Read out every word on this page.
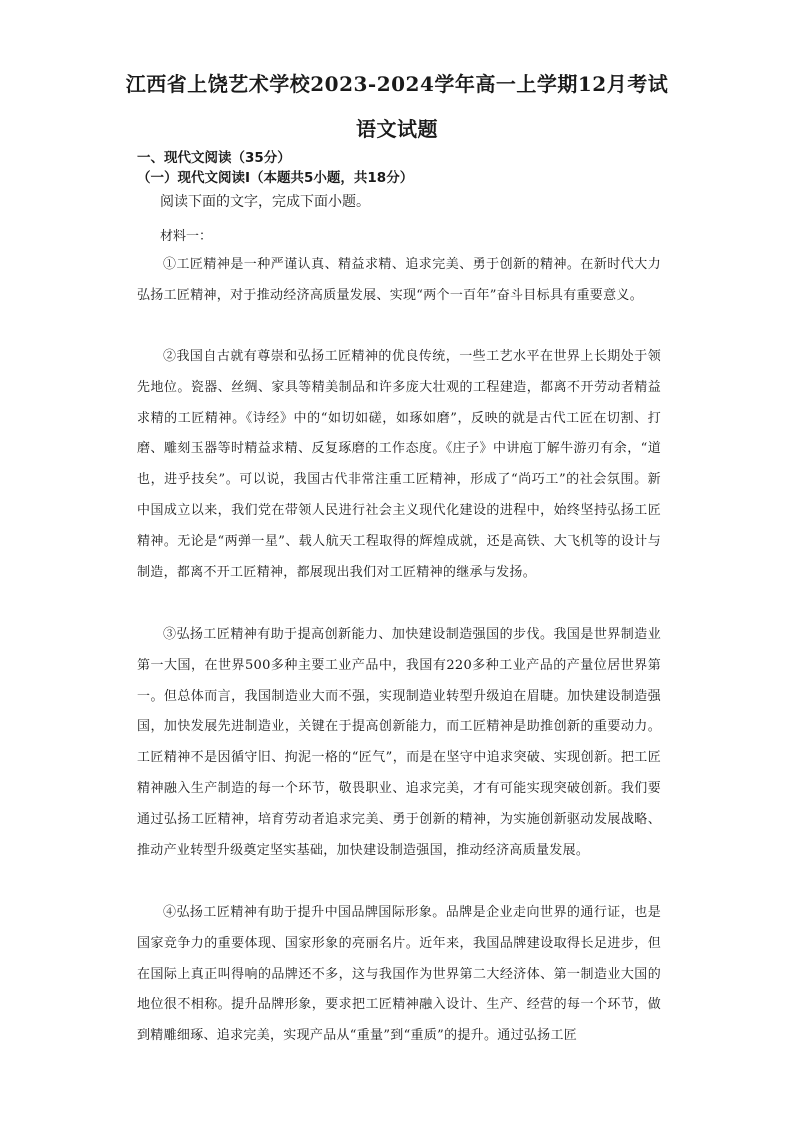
江西省上饶艺术学校2023-2024学年高一上学期12月考试
语文试题
一、现代文阅读（35分）
（一）现代文阅读Ⅰ（本题共5小题，共18分）
阅读下面的文字，完成下面小题。
材料一：

①工匠精神是一种严谨认真、精益求精、追求完美、勇于创新的精神。在新时代大力弘扬工匠精神，对于推动经济高质量发展、实现“两个一百年”奋斗目标具有重要意义。

②我国自古就有尊崇和弘扬工匠精神的优良传统，一些工艺水平在世界上长期处于领先地位。瓷器、丝绸、家具等精美制品和许多庞大壮观的工程建造，都离不开劳动者精益求精的工匠精神。《诗经》中的“如切如磋，如琢如磨”，反映的就是古代工匠在切割、打磨、雕刻玉器等时精益求精、反复琢磨的工作态度。《庄子》中讲庖丁解牛游刃有余，“道也，进乎技矣”。可以说，我国古代非常注重工匠精神，形成了“尚巧工”的社会氛围。新中国成立以来，我们党在带领人民进行社会主义现代化建设的进程中，始终坚持弘扬工匠精神。无论是“两弹一星”、载人航天工程取得的辉煌成就，还是高铁、大飞机等的设计与制造，都离不开工匠精神，都展现出我们对工匠精神的继承与发扬。

③弘扬工匠精神有助于提高创新能力、加快建设制造强国的步伐。我国是世界制造业第一大国，在世界500多种主要工业产品中，我国有220多种工业产品的产量位居世界第一。但总体而言，我国制造业大而不强，实现制造业转型升级迫在眉睫。加快建设制造强国，加快发展先进制造业，关键在于提高创新能力，而工匠精神是助推创新的重要动力。工匠精神不是因循守旧、拘泥一格的“匠气”，而是在坚守中追求突破、实现创新。把工匠精神融入生产制造的每一个环节，敬畏职业、追求完美，才有可能实现突破创新。我们要通过弘扬工匠精神，培育劳动者追求完美、勇于创新的精神，为实施创新驱动发展战略、推动产业转型升级奠定坚实基础，加快建设制造强国，推动经济高质量发展。

④弘扬工匠精神有助于提升中国品牌国际形象。品牌是企业走向世界的通行证，也是国家竞争力的重要体现、国家形象的亮丽名片。近年来，我国品牌建设取得长足进步，但在国际上真正叫得响的品牌还不多，这与我国作为世界第二大经济体、第一制造业大国的地位很不相称。提升品牌形象，要求把工匠精神融入设计、生产、经营的每一个环节，做到精雕细琢、追求完美，实现产品从“重量”到“重质”的提升。通过弘扬工匠
